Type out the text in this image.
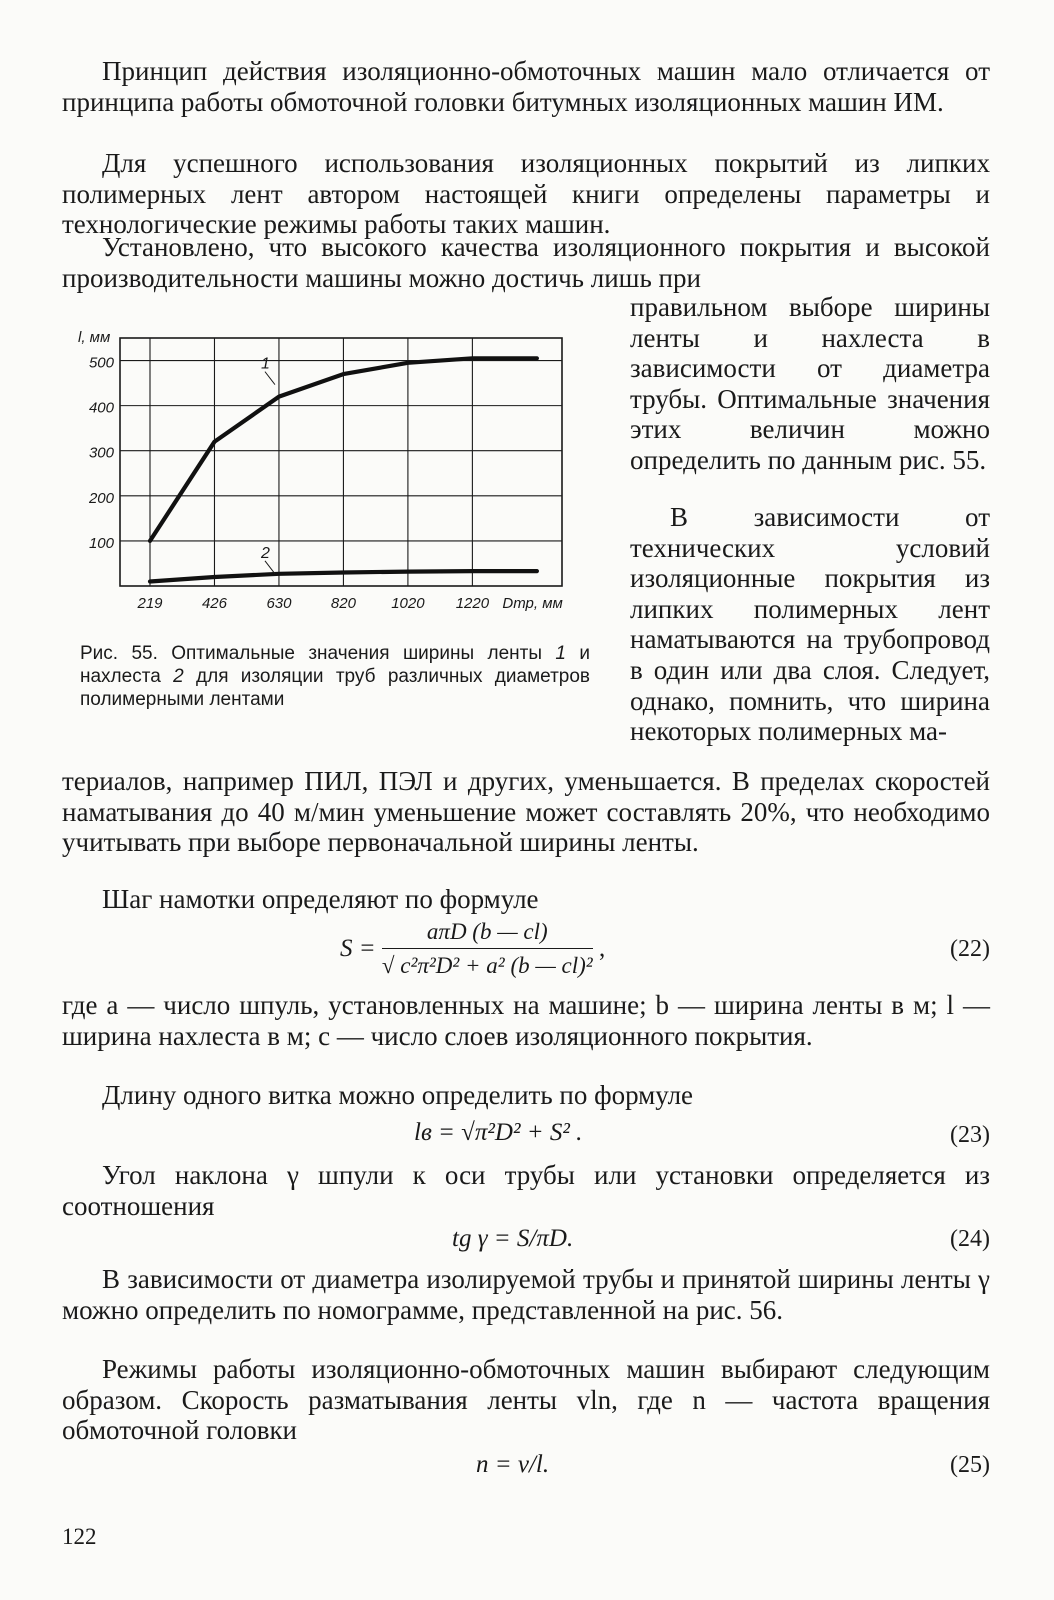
Принцип действия изоляционно-обмоточных машин мало отличается от принципа работы обмоточной головки битумных изоляционных машин ИМ.

Для успешного использования изоляционных покрытий из липких полимерных лент автором настоящей книги определены параметры и технологические режимы работы таких машин.

Установлено, что высокого качества изоляционного покрытия и высокой производительности машины можно достичь лишь при

правильном выборе ширины ленты и нахлеста в зависимости от диаметра трубы. Оптимальные значения этих величин можно определить по данным рис. 55.

В зависимости от технических условий изоляционные покрытия из липких полимерных лент наматываются на трубопровод в один или два слоя. Следует, однако, помнить, что ширина некоторых полимерных ма-

териалов, например ПИЛ, ПЭЛ и других, уменьшается. В пределах скоростей наматывания до 40 м/мин уменьшение может составлять 20%, что необходимо учитывать при выборе первоначальной ширины ленты.

100
200
300
400
500
219	426	630	820 1020 1220
l, мм
Dтр, мм
1
2
Рис. 55. Оптимальные значения ширины ленты 1 и нахлеста 2 для изоляции труб различных диаметров полимерными лентами

Шаг намотки определяют по формуле

$S = \frac{\text{aπD (b — cl)}}{\text{√ c²π²D² + a² (b — cl)²}}$ ,	(22)

где a — число шпуль, установленных на машине; b — ширина ленты в м; l — ширина нахлеста в м; c — число слоев изоляционного покрытия.

Длину одного витка можно определить по формуле

lв = √π²D² + S² .	(23)

Угол наклона γ шпули к оси трубы или установки определяется из соотношения

tg γ = S/πD.	(24)

В зависимости от диаметра изолируемой трубы и принятой ширины ленты γ можно определить по номограмме, представленной на рис. 56.

Режимы работы изоляционно-обмоточных машин выбирают следующим образом. Скорость разматывания ленты vln, где n — частота вращения обмоточной головки

n = v/l.	(25)
122
